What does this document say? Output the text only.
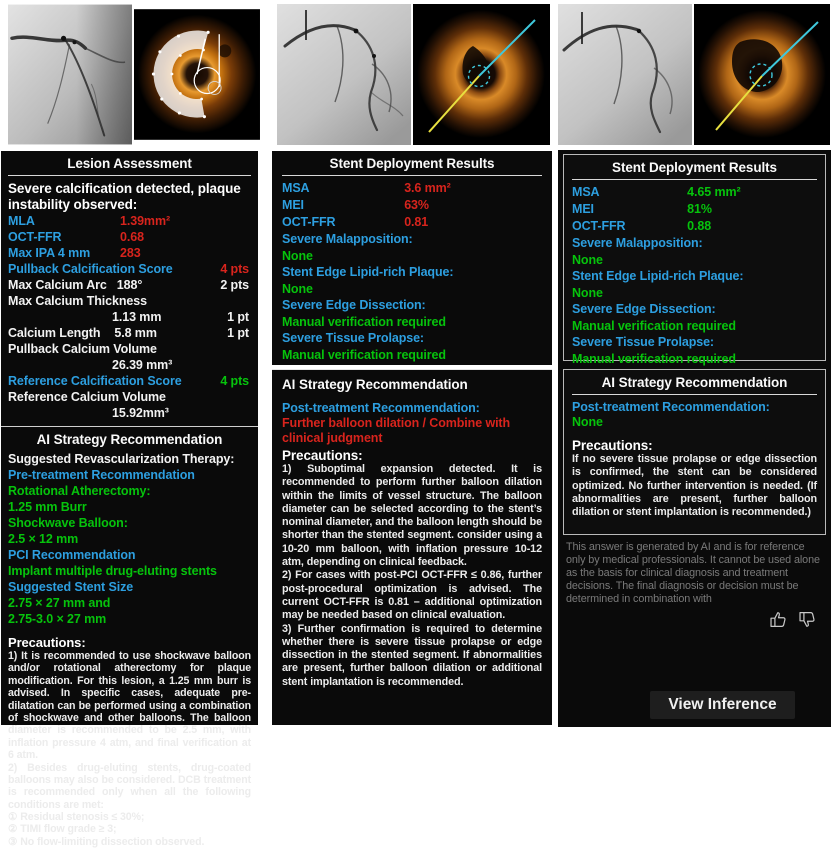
Lesion Assessment
Severe calcification detected, plaque instability observed:
MLA	1.39mm²
OCT-FFR	0.68
Max IPA 4 mm	283
Pullback Calcification Score	4 pts
Max Calcium Arc 188°	2 pts
Max Calcium Thickness
1.13 mm	1 pt
Calcium Length 5.8 mm	1 pt
Pullback Calcium Volume
26.39 mm³
Reference Calcification Score	4 pts
Reference Calcium Volume
15.92mm³
AI Strategy Recommendation
Suggested Revascularization Therapy:
Pre-treatment Recommendation
Rotational Atherectomy:
1.25 mm Burr
Shockwave Balloon:
2.5 × 12 mm
PCI Recommendation
Implant multiple drug-eluting stents
Suggested Stent Size
2.75 × 27 mm and
2.75-3.0 × 27 mm
Precautions:
1) It is recommended to use shockwave balloon and/or rotational atherectomy for plaque modification. For this lesion, a 1.25 mm burr is advised. In specific cases, adequate pre-dilatation can be performed using a combination of shockwave and other balloons. The balloon diameter is recommended to be 2.5 mm, with inflation pressure 4 atm, and final verification at 6 atm.
2) Besides drug-eluting stents, drug-coated balloons may also be considered. DCB treatment is recommended only when all the following conditions are met:
① Residual stenosis ≤ 30%;
② TIMI flow grade ≥ 3;
③ No flow-limiting dissection observed.
Stent Deployment Results
MSA	3.6 mm²
MEI	63%
OCT-FFR	0.81
Severe Malapposition:
None
Stent Edge Lipid-rich Plaque:
None
Severe Edge Dissection:
Manual verification required
Severe Tissue Prolapse:
Manual verification required
AI Strategy Recommendation
Post-treatment Recommendation:
Further balloon dilation / Combine with clinical judgment
Precautions:
1) Suboptimal expansion detected. It is recommended to perform further balloon dilation within the limits of vessel structure. The balloon diameter can be selected according to the stent’s nominal diameter, and the balloon length should be shorter than the stented segment. consider using a 10-20 mm balloon, with inflation pressure 10-12 atm, depending on clinical feedback.
2) For cases with post-PCI OCT-FFR ≤ 0.86, further post-procedural optimization is advised. The current OCT-FFR is 0.81 – additional optimization may be needed based on clinical evaluation.
3) Further confirmation is required to determine whether there is severe tissue prolapse or edge dissection in the stented segment. If abnormalities are present, further balloon dilation or additional stent implantation is recommended.
Stent Deployment Results
MSA	4.65 mm²
MEI	81%
OCT-FFR	0.88
Severe Malapposition:
None
Stent Edge Lipid-rich Plaque:
None
Severe Edge Dissection:
Manual verification required
Severe Tissue Prolapse:
Manual verification required
AI Strategy Recommendation
Post-treatment Recommendation:
None
Precautions:
If no severe tissue prolapse or edge dissection is confirmed, the stent can be considered optimized. No further intervention is needed. (If abnormalities are present, further balloon dilation or stent implantation is recommended.)
This answer is generated by AI and is for reference only by medical professionals. It cannot be used alone as the basis for clinical diagnosis and treatment decisions. The final diagnosis or decision must be determined in combination with
View Inference
